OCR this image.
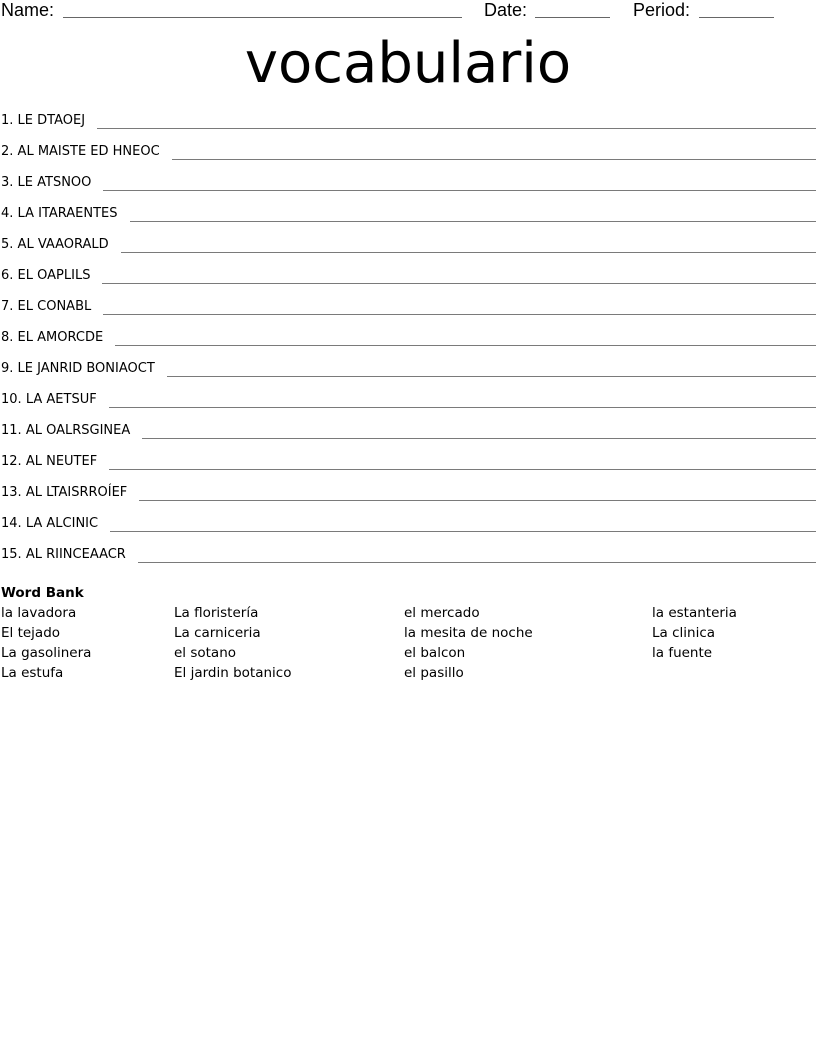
Name:	Date:	Period:
vocabulario
1. LE DTAOEJ
2. AL MAISTE ED HNEOC
3. LE ATSNOO
4. LA ITARAENTES
5. AL VAAORALD
6. EL OAPLILS
7. EL CONABL
8. EL AMORCDE
9. LE JANRID BONIAOCT
10. LA AETSUF
11. AL OALRSGINEA
12. AL NEUTEF
13. AL LTAISRROÍEF
14. LA ALCINIC
15. AL RIINCEAACR
Word Bank
la lavadora
El tejado
La gasolinera
La estufa
La floristería
La carniceria
el sotano
El jardin botanico
el mercado
la mesita de noche
el balcon
el pasillo
la estanteria
La clinica
la fuente
